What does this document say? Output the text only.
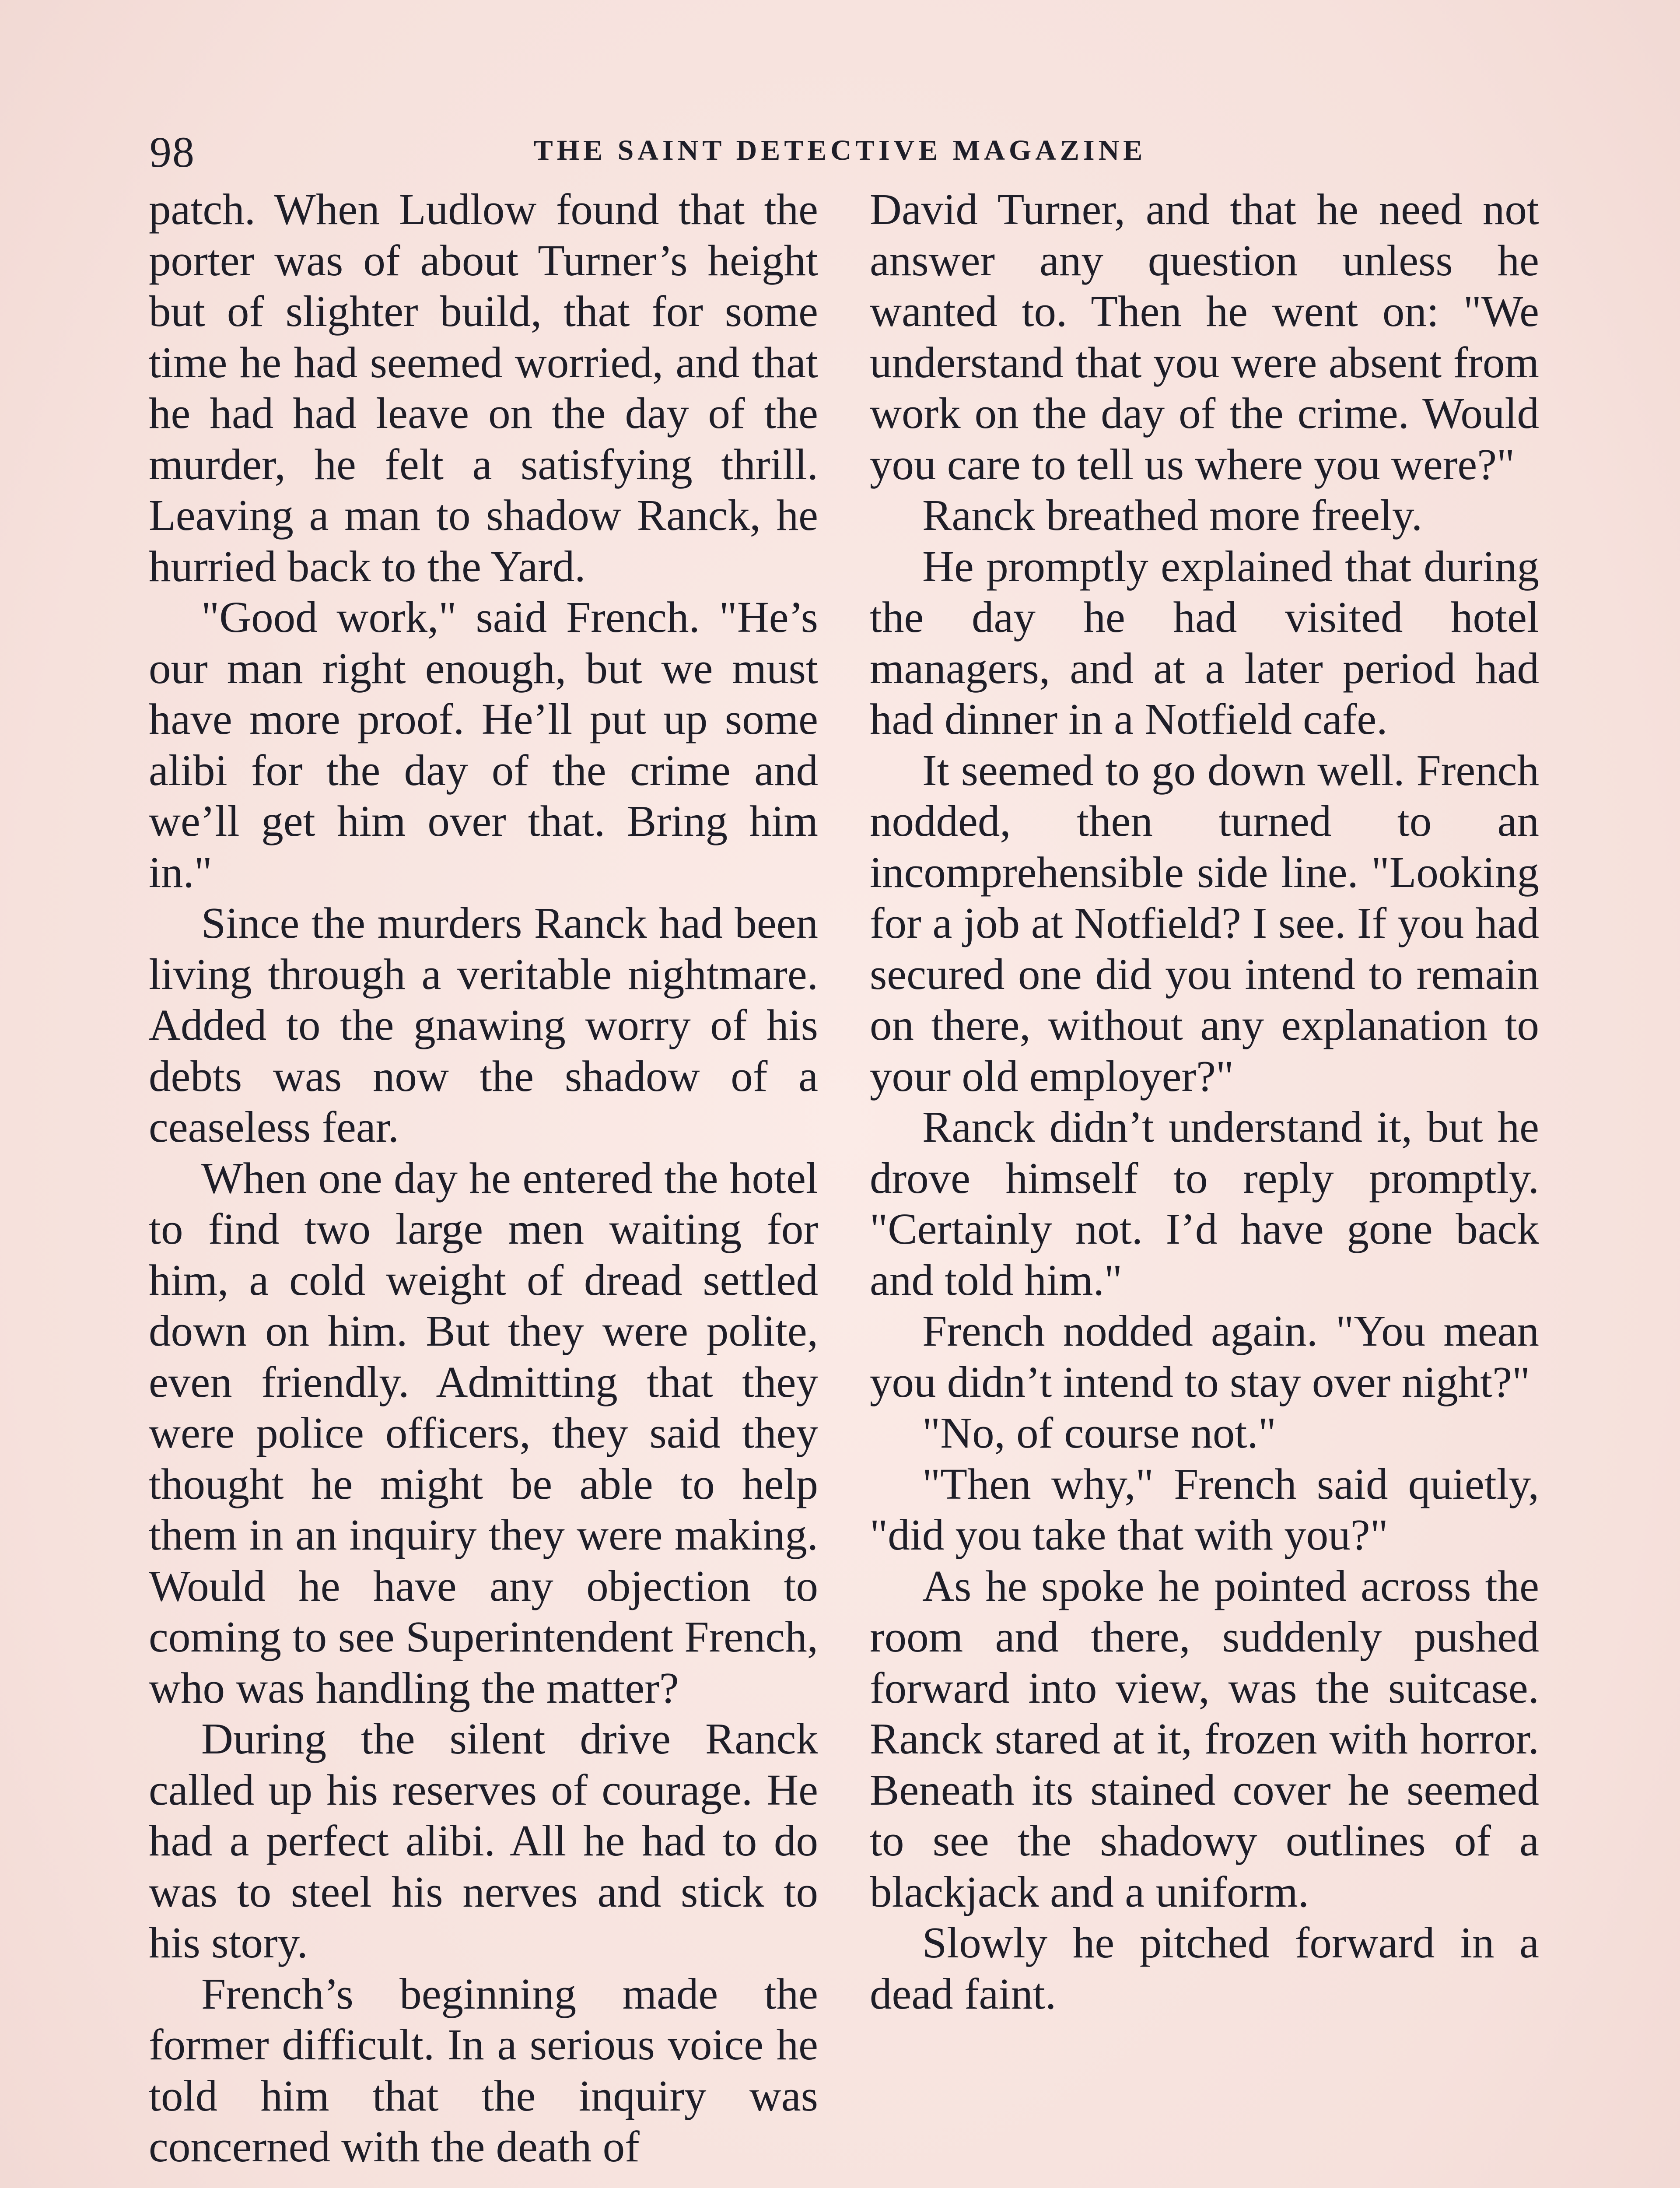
98	THE SAINT DETECTIVE MAGAZINE

patch. When Ludlow found that the porter was of about Turner’s height but of slighter build, that for some time he had seemed worried, and that he had had leave on the day of the murder, he felt a satisfying thrill. Leaving a man to shadow Ranck, he hurried back to the Yard.

"Good work," said French. "He’s our man right enough, but we must have more proof. He’ll put up some alibi for the day of the crime and we’ll get him over that. Bring him in."

Since the murders Ranck had been living through a veritable nightmare. Added to the gnawing worry of his debts was now the shadow of a ceaseless fear.

When one day he entered the hotel to find two large men waiting for him, a cold weight of dread settled down on him. But they were polite, even friendly. Admitting that they were police officers, they said they thought he might be able to help them in an inquiry they were making. Would he have any objection to coming to see Superintendent French, who was handling the matter?

During the silent drive Ranck called up his reserves of courage. He had a perfect alibi. All he had to do was to steel his nerves and stick to his story.

French’s beginning made the former difficult. In a serious voice he told him that the inquiry was concerned with the death of

David Turner, and that he need not answer any question unless he wanted to. Then he went on: "We understand that you were absent from work on the day of the crime. Would you care to tell us where you were?"

Ranck breathed more freely.

He promptly explained that during the day he had visited hotel managers, and at a later period had had dinner in a Notfield cafe.

It seemed to go down well. French nodded, then turned to an incomprehensible side line. "Looking for a job at Notfield? I see. If you had secured one did you intend to remain on there, without any explanation to your old employer?"

Ranck didn’t understand it, but he drove himself to reply promptly. "Certainly not. I’d have gone back and told him."

French nodded again. "You mean you didn’t intend to stay over night?"

"No, of course not."

"Then why," French said quietly, "did you take that with you?"

As he spoke he pointed across the room and there, suddenly pushed forward into view, was the suitcase. Ranck stared at it, frozen with horror. Beneath its stained cover he seemed to see the shadowy outlines of a blackjack and a uniform.

Slowly he pitched forward in a dead faint.
